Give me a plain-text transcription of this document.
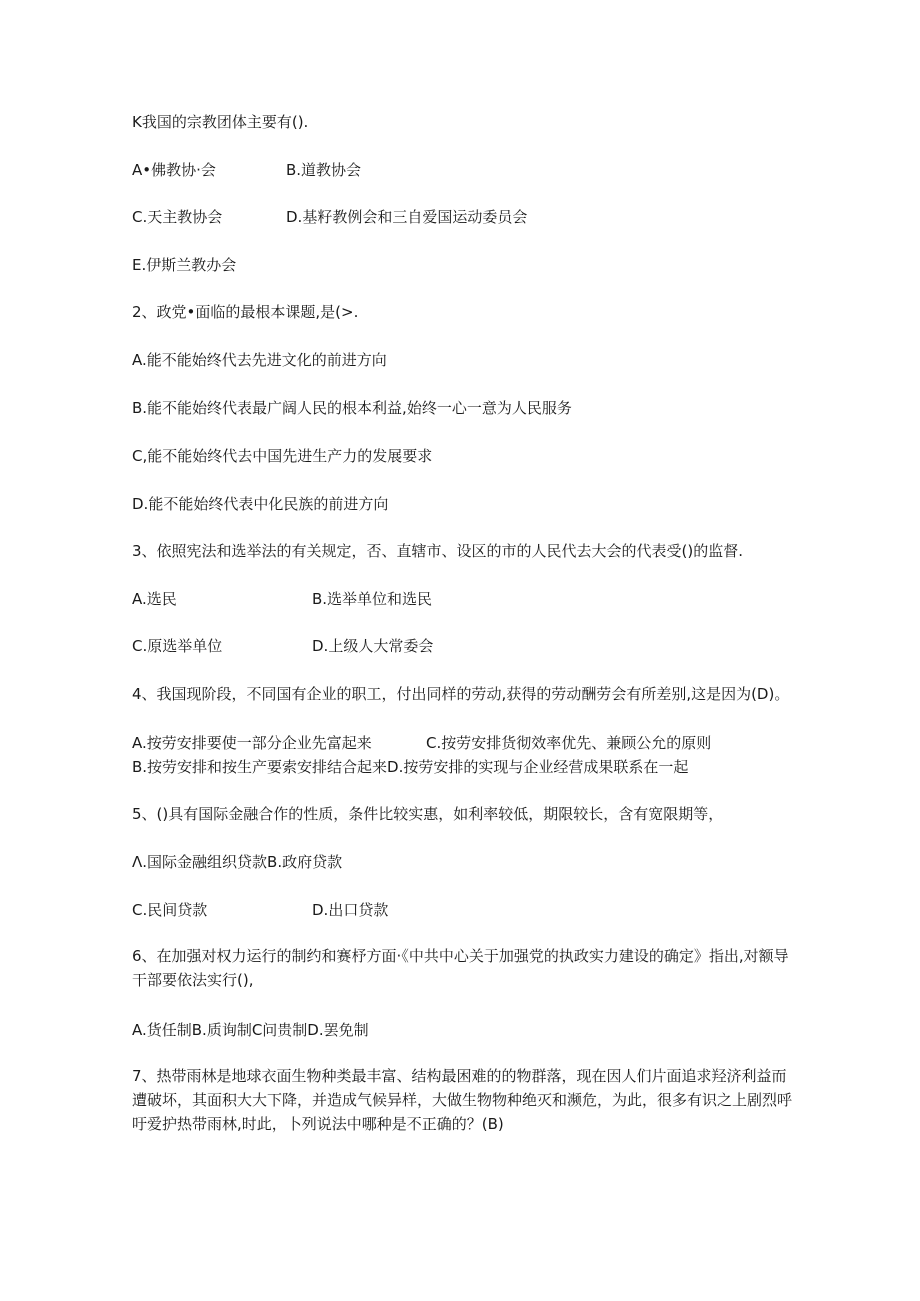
K我国的宗教团体主要有().
A•佛教协·会	B.道教协会
C.天主教协会	D.基籽教例会和三自爱国运动委员会
E.伊斯兰教办会
2、政党•面临的最根本课题,是(>.
A.能不能始终代去先进文化的前进方向
B.能不能始终代表最广阔人民的根本利益,始终一心一意为人民服务
C,能不能始终代去中国先进生产力的发展要求
D.能不能始终代表中化民族的前进方向
3、依照宪法和选举法的有关规定，否、直辖市、设区的市的人民代去大会的代表受()的监督.
A.选民	B.选举单位和选民
C.原选举单位	D.上级人大常委会
4、我国现阶段，不同国有企业的职工，付出同样的劳动,获得的劳动酬劳会有所差别,这是因为(D)。
A.按劳安排要使一部分企业先富起来	C.按劳安排货彻效率优先、兼顾公允的原则
B.按劳安排和按生产要索安排结合起来D.按劳安排的实现与企业经营成果联系在一起
5、()具有国际金融合作的性质，条件比较实惠，如利率较低，期限较长，含有宽限期等，
Λ.国际金融组织贷款B.政府贷款
C.民间贷款	D.出口贷款
6、在加强对权力运行的制约和赛杼方面·《中共中心关于加强党的执政实力建设的确定》指出,对额导干部要依法实行(),
A.货任制B.质询制C问贵制D.罢免制
7、热带雨林是地球衣面生物种类最丰富、结构最困难的的物群落，现在因人们片面追求羟济利益而遭破坏，其面积大大下降，并造成气候异样，大做生物物种绝灭和濒危，为此，很多有识之上剧烈呼吁爱护热带雨林,时此，卜列说法中哪种是不正确的？(B)
